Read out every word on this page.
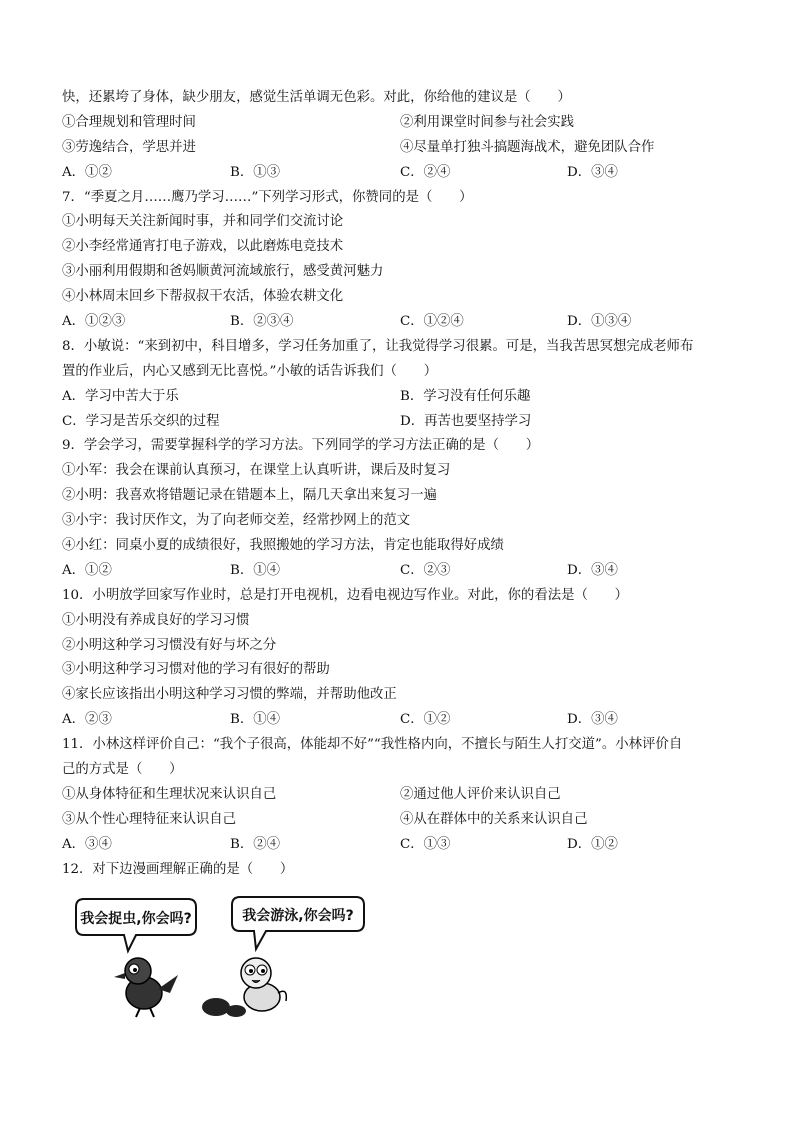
快，还累垮了身体，缺少朋友，感觉生活单调无色彩。对此，你给他的建议是（　　）
①合理规划和管理时间	②利用课堂时间参与社会实践
③劳逸结合，学思并进	④尽量单打独斗搞题海战术，避免团队合作
A．①②	B．①③	C．②④	D．③④
7．“季夏之月……鹰乃学习……”下列学习形式，你赞同的是（　　）
①小明每天关注新闻时事，并和同学们交流讨论
②小李经常通宵打电子游戏，以此磨炼电竞技术
③小丽利用假期和爸妈顺黄河流域旅行，感受黄河魅力
④小林周末回乡下帮叔叔干农活，体验农耕文化
A．①②③	B．②③④	C．①②④	D．①③④
8．小敏说：“来到初中，科目增多，学习任务加重了，让我觉得学习很累。可是，当我苦思冥想完成老师布
置的作业后，内心又感到无比喜悦。”小敏的话告诉我们（　　）
A．学习中苦大于乐	B．学习没有任何乐趣
C．学习是苦乐交织的过程	D．再苦也要坚持学习
9．学会学习，需要掌握科学的学习方法。下列同学的学习方法正确的是（　　）
①小军：我会在课前认真预习，在课堂上认真听讲，课后及时复习
②小明：我喜欢将错题记录在错题本上，隔几天拿出来复习一遍
③小宇：我讨厌作文，为了向老师交差，经常抄网上的范文
④小红：同桌小夏的成绩很好，我照搬她的学习方法，肯定也能取得好成绩
A．①②	B．①④	C．②③	D．③④
10．小明放学回家写作业时，总是打开电视机，边看电视边写作业。对此，你的看法是（　　）
①小明没有养成良好的学习习惯
②小明这种学习习惯没有好与坏之分
③小明这种学习习惯对他的学习有很好的帮助
④家长应该指出小明这种学习习惯的弊端，并帮助他改正
A．②③	B．①④	C．①②	D．③④
11．小林这样评价自己：“我个子很高，体能却不好”“我性格内向，不擅长与陌生人打交道”。小林评价自
己的方式是（　　）
①从身体特征和生理状况来认识自己	②通过他人评价来认识自己
③从个性心理特征来认识自己	④从在群体中的关系来认识自己
A．③④	B．②④	C．①③	D．①②
12．对下边漫画理解正确的是（　　）
我会捉虫,你会吗?	我会游泳,你会吗?
